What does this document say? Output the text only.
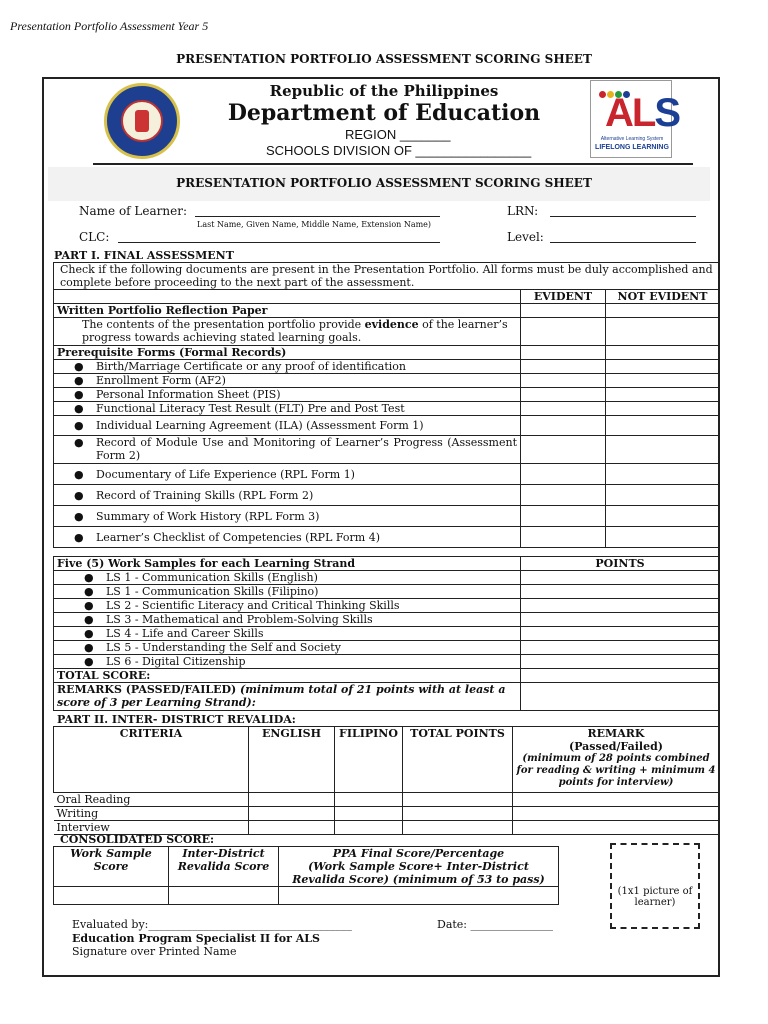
Presentation Portfolio Assessment Year 5
PRESENTATION PORTFOLIO ASSESSMENT SCORING SHEET
ALS
Alternative Learning System
LIFELONG LEARNING
Republic of the Philippines
Department of Education
REGION _______
SCHOOLS DIVISION OF ________________
PRESENTATION PORTFOLIO ASSESSMENT SCORING SHEET
Name of Learner:
Last Name, Given Name, Middle Name, Extension Name)
LRN:
CLC:	Level:
PART I. FINAL ASSESSMENT
Check if the following documents are present in the Presentation Portfolio. All forms must be duly accomplished and complete before proceeding to the next part of the assessment.		
	EVIDENT	NOT EVIDENT
Written Portfolio Reflection Paper		
The contents of the presentation portfolio provide evidence of the learner’s progress towards achieving stated learning goals.		
Prerequisite Forms (Formal Records)		
● Birth/Marriage Certificate or any proof of identification		
● Enrollment Form (AF2)		
● Personal Information Sheet (PIS)		
● Functional Literacy Test Result (FLT) Pre and Post Test		
● Individual Learning Agreement (ILA) (Assessment Form 1)		

● Record of Module Use and Monitoring of Learner’s Progress (Assessment Form 2)		

● Documentary of Life Experience (RPL Form 1)		
● Record of Training Skills (RPL Form 2)		
● Summary of Work History (RPL Form 3)		
● Learner’s Checklist of Competencies (RPL Form 4)		
Five (5) Work Samples for each Learning Strand	POINTS
● LS 1 - Communication Skills (English)	
● LS 1 - Communication Skills (Filipino)	
● LS 2 - Scientific Literacy and Critical Thinking Skills	
● LS 3 - Mathematical and Problem-Solving Skills	
● LS 4 - Life and Career Skills	
● LS 5 - Understanding the Self and Society	
● LS 6 - Digital Citizenship	
TOTAL SCORE:	
REMARKS (PASSED/FAILED) (minimum total of 21 points with at least a score of 3 per Learning Strand):	
PART II. INTER- DISTRICT REVALIDA:
CRITERIA	ENGLISH	FILIPINO	TOTAL POINTS	REMARK
(Passed/Failed)
(minimum of 28 points combined for reading & writing + minimum 4 points for interview)

Oral Reading				
Writing				
Interview				
CONSOLIDATED SCORE:
Work Sample Score	Inter-District Revalida Score	PPA Final Score/Percentage
(Work Sample Score+ Inter-District Revalida Score) (minimum of 53 to pass)

(1x1 picture of learner)
Evaluated by:_____________________________________	Date: _______________
Education Program Specialist II for ALS
Signature over Printed Name
